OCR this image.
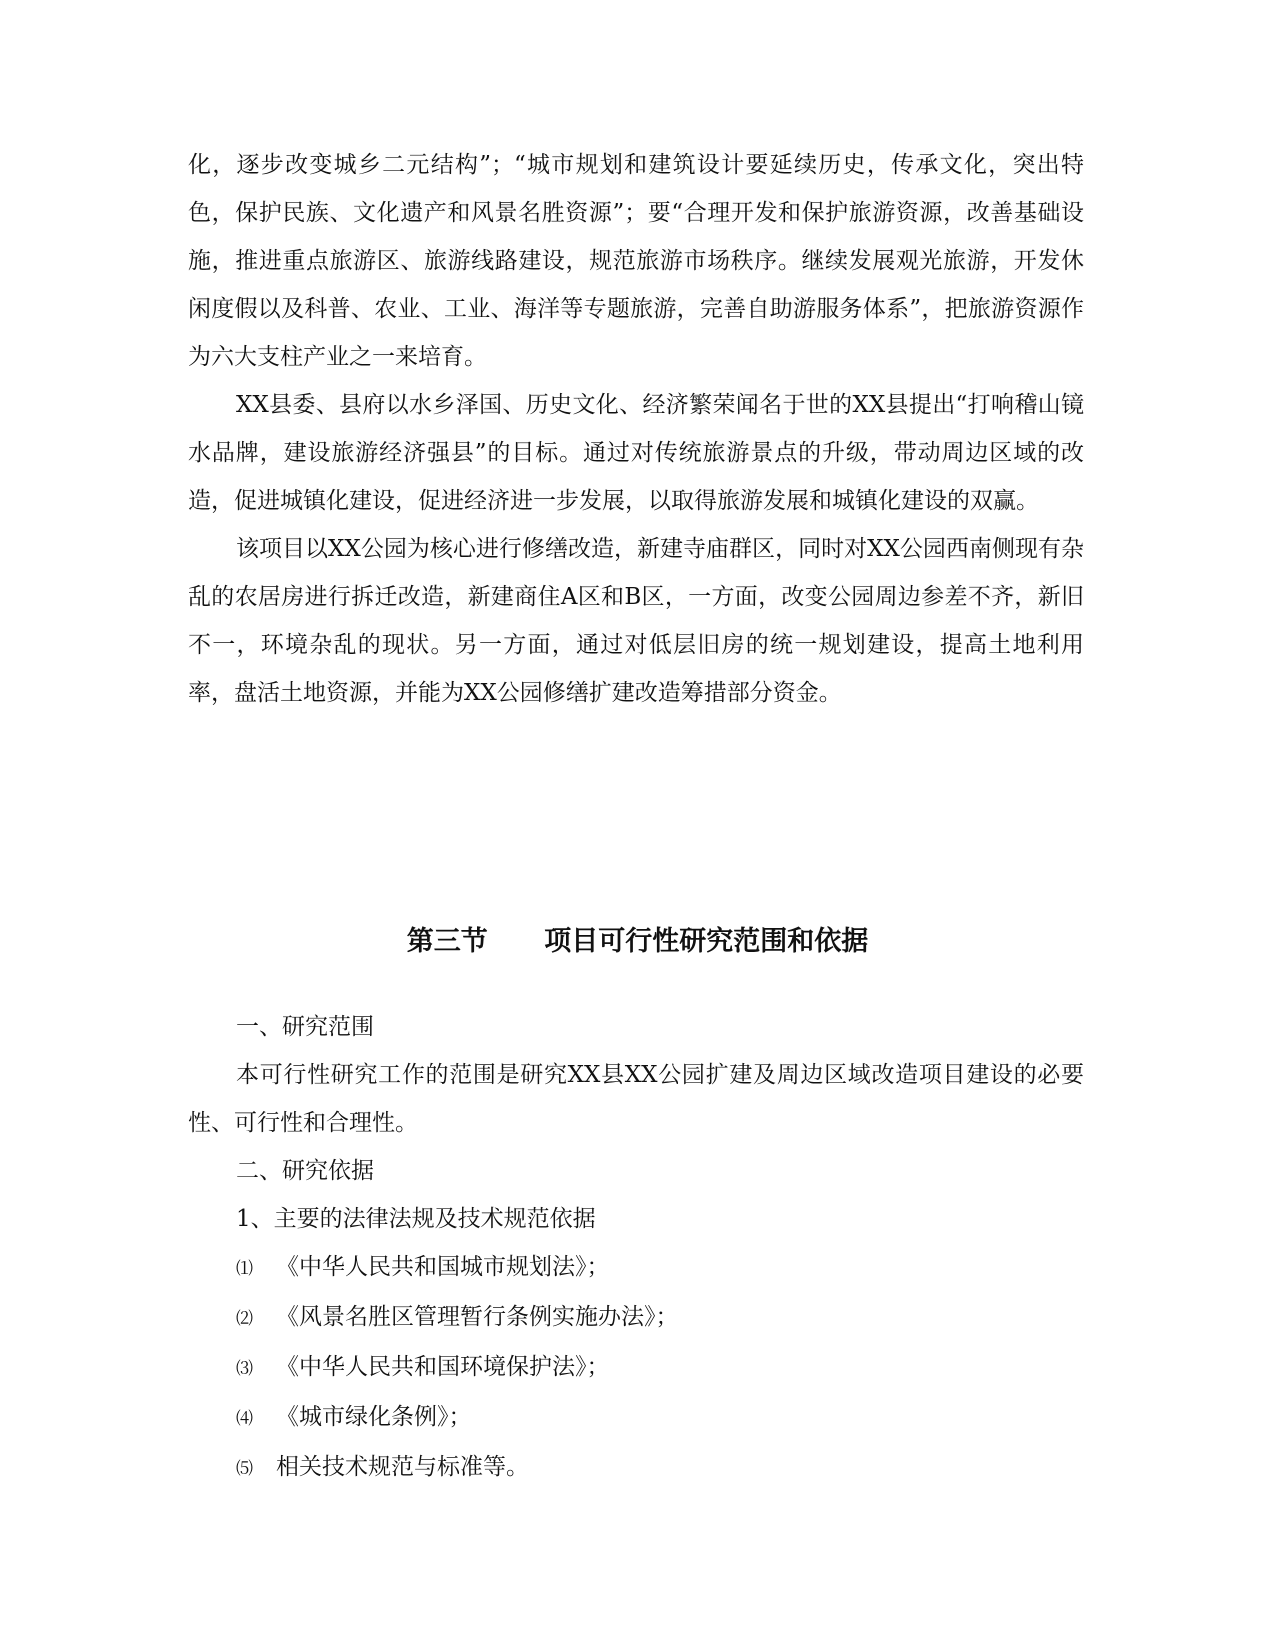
化，逐步改变城乡二元结构”；“城市规划和建筑设计要延续历史，传承文化，突出特色，保护民族、文化遗产和风景名胜资源”；要“合理开发和保护旅游资源，改善基础设施，推进重点旅游区、旅游线路建设，规范旅游市场秩序。继续发展观光旅游，开发休闲度假以及科普、农业、工业、海洋等专题旅游，完善自助游服务体系”，把旅游资源作为六大支柱产业之一来培育。

XX县委、县府以水乡泽国、历史文化、经济繁荣闻名于世的XX县提出“打响稽山镜水品牌，建设旅游经济强县”的目标。通过对传统旅游景点的升级，带动周边区域的改造，促进城镇化建设，促进经济进一步发展，以取得旅游发展和城镇化建设的双赢。

该项目以XX公园为核心进行修缮改造，新建寺庙群区，同时对XX公园西南侧现有杂乱的农居房进行拆迁改造，新建商住A区和B区，一方面，改变公园周边参差不齐，新旧不一，环境杂乱的现状。另一方面，通过对低层旧房的统一规划建设，提高土地利用率，盘活土地资源，并能为XX公园修缮扩建改造筹措部分资金。

第三节      项目可行性研究范围和依据

一、研究范围

本可行性研究工作的范围是研究XX县XX公园扩建及周边区域改造项目建设的必要性、可行性和合理性。

二、研究依据

1、主要的法律法规及技术规范依据

⑴ 《中华人民共和国城市规划法》；

⑵ 《风景名胜区管理暂行条例实施办法》；

⑶ 《中华人民共和国环境保护法》；

⑷ 《城市绿化条例》；

⑸ 相关技术规范与标准等。
